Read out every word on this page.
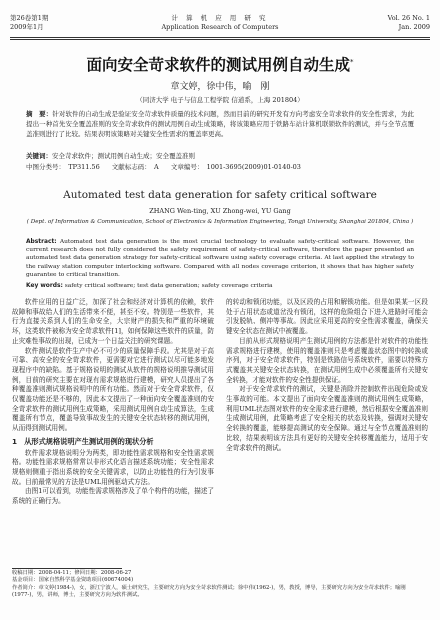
第26卷第1期
2009年1月
计 算 机 应 用 研 究
Application Research of Computers
Vol. 26 No. 1
Jan. 2009
面向安全苛求软件的测试用例自动生成*
章文婷，徐中伟，喻　刚
（同济大学 电子与信息工程学院 信道系，上海 201804）
摘　要：针对软件的自动生成是验证安全苛求软件质量的技术问题，然而目前的研究开发有方向考虑安全苛求软件的安全性需求，为此提出一种首先安全覆盖准则的安全苛求软件的测试用例自动生成策略，将该策略应用于铁路车站计算机联锁软件的测试，并与全节点覆盖准则进行了比较。结果表明该策略对关键安全性需求的覆盖率更高。
关键词：安全苛求软件；测试用例自动生成；安全覆盖准则
中图分类号：　TP311.56 文献标志码：　A 文章编号：　1001-3695(2009)01-0140-03
Automated test data generation for safety critical software
ZHANG Wen-ting, XU Zhong-wei, YU Gang
( Dept. of Information & Communication, School of Electronics & Information Engineering, Tongji University, Shanghai 201804, China )
Abstract: Automated test data generation is the most crucial technology to evaluate safety-critical software. However, the current research does not fully considered the safety requirement of safety-critical software, therefore the paper presented an automated test data generation strategy for safety-critical software using safety coverage criteria. At last applied the strategy to the railway station computer interlocking software. Compared with all nodes coverage criterion, it shows that has higher safety guarantee to critical transition.
Key words: safety critical software; test data generation; safety coverage criteria

软件应用的日益广泛，加深了社会和经济对计算机的依赖，软件故障和事故给人们的生活带来不便，甚至不安。特别是一些软件，其行为直接关系到人们的生命安全，大宗财产的损失和严重的环境破坏，这类软件被称为安全苛求软件[1]，如何保障这些软件的质量，防止灾难性事故的出现，已成为一个日益关注的研究课题。

软件测试是软件生产中必不可少的质量保障手段。尤其是对于高可靠、高安全的安全苛求软件，更需要对它进行测试以尽可能多地发现程序中的缺陷。基于规格说明的测试从软件的规格说明推导测试用例，目前的研究主要在对现有需求规格进行建模，研究人员提出了各种覆盖准则测试规格说明中的所有功能。然而对于安全苛求软件，仅仅覆盖功能还是不够的，因此本文提出了一种面向安全覆盖准则的安全苛求软件的测试用例生成策略，采用测试用例自动生成算法，生成覆盖所有节点，覆盖导致事故发生的关键安全状态转移的测试用例，从而得到测试用例。

1　从形式规格说明产生测试用例的现状分析

软件需求规格说明分为两类，即功能性需求规格和安全性需求规格。功能性需求规格常常以非形式化语言描述系统功能；安全性需求规格则侧重于指出系统的安全关键需求，以防止功能性的行为引发事故。目前最常见的方法是UML用例驱动式方法。

由图1可以看到，功能性需求规格涉及了单个构件的功能，描述了系统的正确行为。

的转动和锁闭功能，以及区段的占用和解锁功能。但是如果某一区段处于占用状态或道岔没有锁闭，这样的危险组合下进入进路时可能会引发脱轨、侧冲等事故。因此应采用更高的安全性需求覆盖，确保关键安全状态在测试中被覆盖。

目前从形式规格说明产生测试用例的方法都是针对软件的功能性需求规格进行建模，使用的覆盖准则只是考虑覆盖状态图中的转换或序列，对于安全苛求软件，特别是铁路信号系统软件，需要以特殊方式覆盖其关键安全状态转换，在测试用例生成中必须覆盖所有关键安全转换，才能对软件的安全性提供保证。

对于安全苛求软件的测试，关键是消除并控制软件出现危险或发生事故的可能。本文提出了面向安全覆盖准则的测试用例生成策略，利用UML状态图对软件的安全需求进行建模，然后根据安全覆盖准则生成测试用例，此策略考虑了安全相关的状态及转换，强调对关键安全转换的覆盖，能够提高测试的安全保障。通过与全节点覆盖准则的比较，结果表明该方法具有更好的关键安全转移覆盖能力，适用于安全苛求软件的测试。

收稿日期：2008-04-11；修回日期：2008-06-27
基金项目：国家自然科学基金资助项目(60674004)
作者简介：章文婷(1984-)，女，浙江宁波人，硕士研究生，主要研究方向为安全苛求软件测试；徐中伟(1962-)，男，教授，博导，主要研究方向为安全苛求软件；喻刚(1977-)，男，讲师，博士，主要研究方向为软件测试。
